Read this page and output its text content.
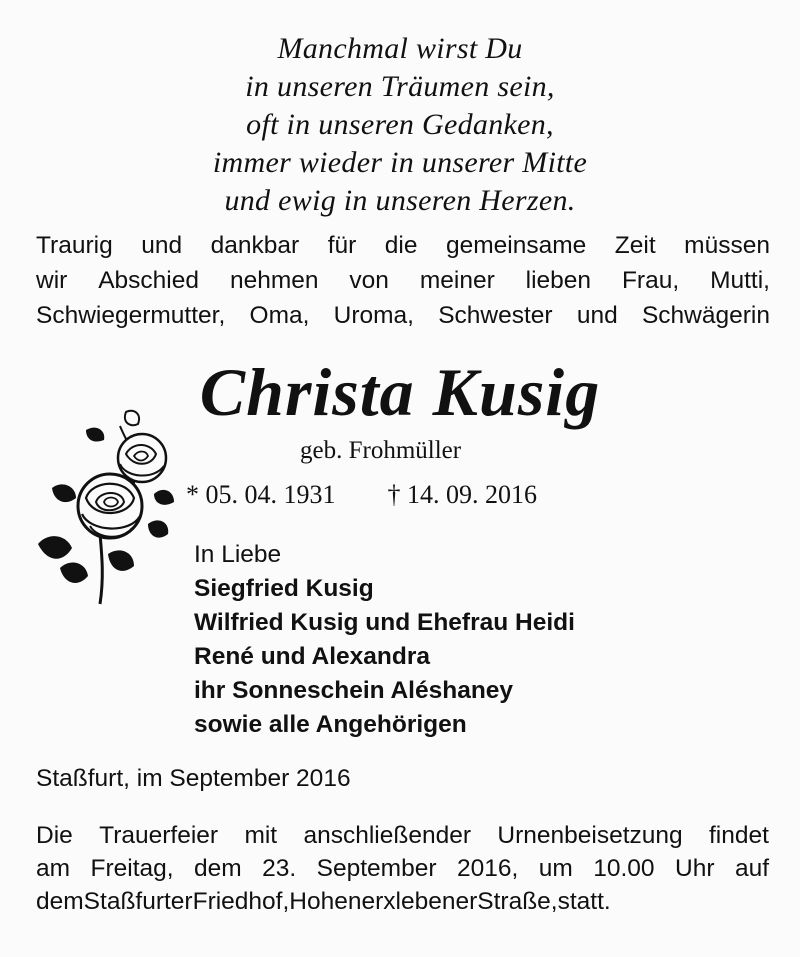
Manchmal wirst Du
in unseren Träumen sein,
oft in unseren Gedanken,
immer wieder in unserer Mitte
und ewig in unseren Herzen.
Traurig und dankbar für die gemeinsame Zeit müssen
wir Abschied nehmen von meiner lieben Frau, Mutti,
Schwiegermutter, Oma, Uroma, Schwester und Schwägerin
Christa Kusig
geb. Frohmüller
* 05. 04. 1931 † 14. 09. 2016
In Liebe
Siegfried Kusig
Wilfried Kusig und Ehefrau Heidi
René und Alexandra
ihr Sonneschein Aléshaney
sowie alle Angehörigen
Staßfurt, im September 2016
Die Trauerfeier mit anschließender Urnenbeisetzung findet
am Freitag, dem 23. September 2016, um 10.00 Uhr auf
dem Staßfurter Friedhof, Hohenerxlebener Straße, statt.
